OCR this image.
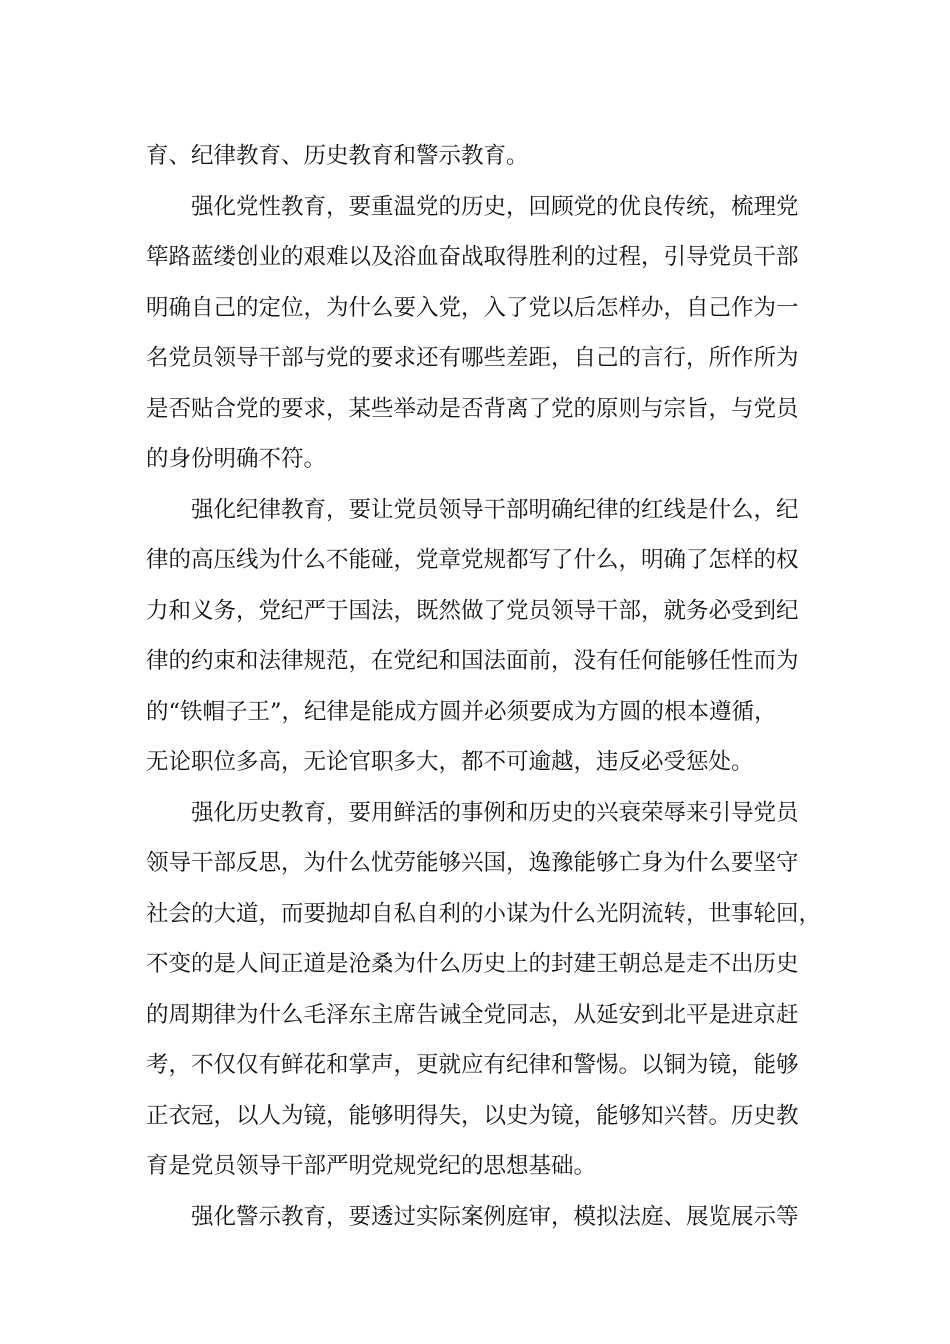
育、纪律教育、历史教育和警示教育。
强化党性教育，要重温党的历史，回顾党的优良传统，梳理党
筚路蓝缕创业的艰难以及浴血奋战取得胜利的过程，引导党员干部
明确自己的定位，为什么要入党，入了党以后怎样办，自己作为一
名党员领导干部与党的要求还有哪些差距，自己的言行，所作所为
是否贴合党的要求，某些举动是否背离了党的原则与宗旨，与党员
的身份明确不符。
强化纪律教育，要让党员领导干部明确纪律的红线是什么，纪
律的高压线为什么不能碰，党章党规都写了什么，明确了怎样的权
力和义务，党纪严于国法，既然做了党员领导干部，就务必受到纪
律的约束和法律规范，在党纪和国法面前，没有任何能够任性而为
的“铁帽子王”，纪律是能成方圆并必须要成为方圆的根本遵循，
无论职位多高，无论官职多大，都不可逾越，违反必受惩处。
强化历史教育，要用鲜活的事例和历史的兴衰荣辱来引导党员
领导干部反思，为什么忧劳能够兴国，逸豫能够亡身为什么要坚守
社会的大道，而要抛却自私自利的小谋为什么光阴流转，世事轮回，
不变的是人间正道是沧桑为什么历史上的封建王朝总是走不出历史
的周期律为什么毛泽东主席告诫全党同志，从延安到北平是进京赶
考，不仅仅有鲜花和掌声，更就应有纪律和警惕。以铜为镜，能够
正衣冠，以人为镜，能够明得失，以史为镜，能够知兴替。历史教
育是党员领导干部严明党规党纪的思想基础。
强化警示教育，要透过实际案例庭审，模拟法庭、展览展示等
